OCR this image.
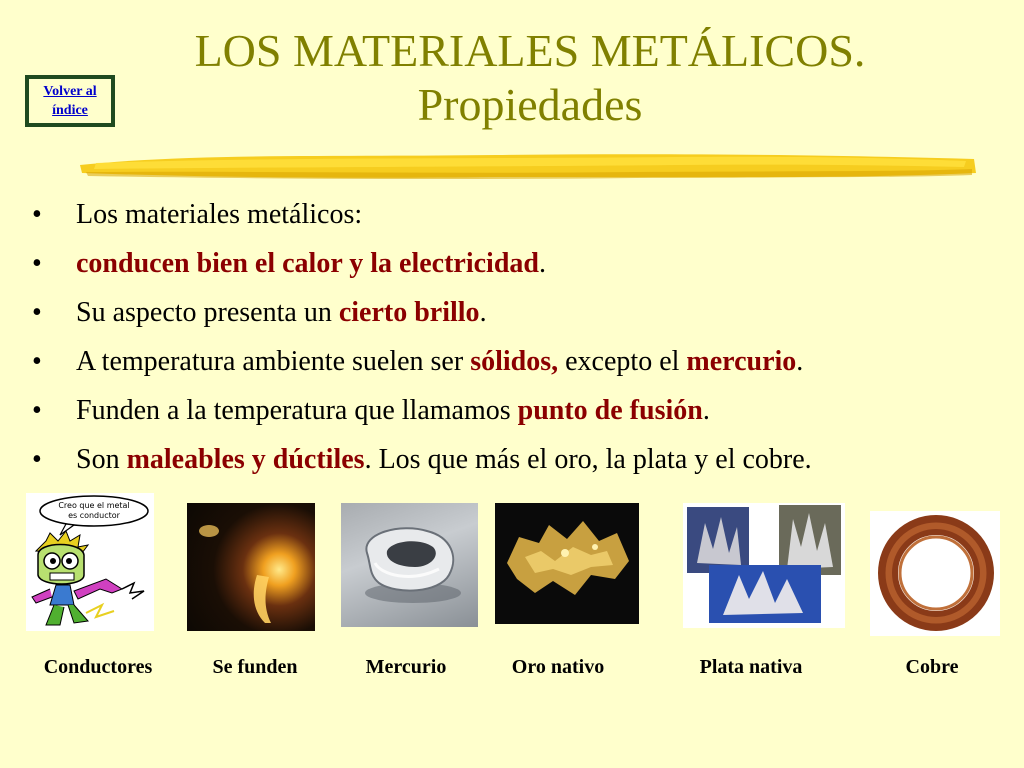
LOS MATERIALES METÁLICOS.
Propiedades
Volver al
índice
• Los materiales metálicos:
• conducen bien el calor y la electricidad.
• Su aspecto presenta un cierto brillo.
• A temperatura ambiente suelen ser sólidos, excepto el mercurio.
• Funden a la temperatura que llamamos punto de fusión.
• Son maleables y dúctiles. Los que más el oro, la plata y el cobre.
Creo que el metal
es conductor
Conductores	Se funden	Mercurio	Oro nativo	Plata nativa	Cobre
